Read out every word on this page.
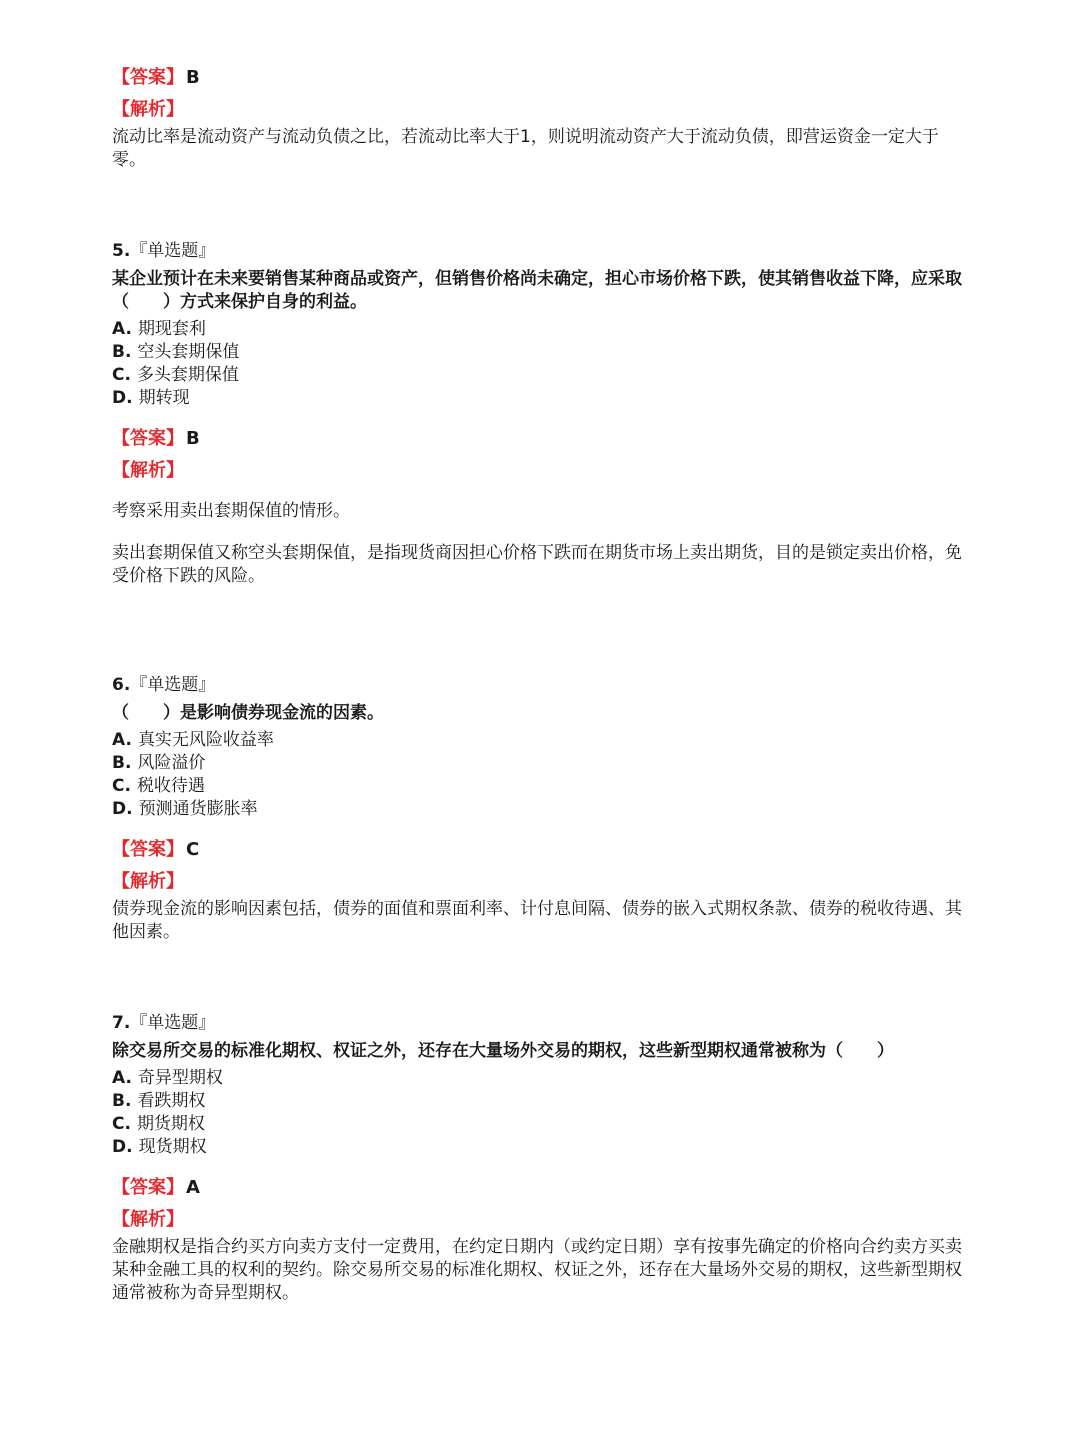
【答案】 B
【解析】
流动比率是流动资产与流动负债之比，若流动比率大于1，则说明流动资产大于流动负债，即营运资金一定大于零。
5.『单选题』
某企业预计在未来要销售某种商品或资产，但销售价格尚未确定，担心市场价格下跌，使其销售收益下降，应采取（　　）方式来保护自身的利益。
A. 期现套利
B. 空头套期保值
C. 多头套期保值
D. 期转现
【答案】 B
【解析】
考察采用卖出套期保值的情形。
卖出套期保值又称空头套期保值，是指现货商因担心价格下跌而在期货市场上卖出期货，目的是锁定卖出价格，免受价格下跌的风险。
6.『单选题』
（　　）是影响债券现金流的因素。
A. 真实无风险收益率
B. 风险溢价
C. 税收待遇
D. 预测通货膨胀率
【答案】 C
【解析】
债券现金流的影响因素包括，债券的面值和票面利率、计付息间隔、债券的嵌入式期权条款、债券的税收待遇、其他因素。
7.『单选题』
除交易所交易的标准化期权、权证之外，还存在大量场外交易的期权，这些新型期权通常被称为（　　）
A. 奇异型期权
B. 看跌期权
C. 期货期权
D. 现货期权
【答案】 A
【解析】
金融期权是指合约买方向卖方支付一定费用，在约定日期内（或约定日期）享有按事先确定的价格向合约卖方买卖某种金融工具的权利的契约。除交易所交易的标准化期权、权证之外，还存在大量场外交易的期权，这些新型期权通常被称为奇异型期权。
